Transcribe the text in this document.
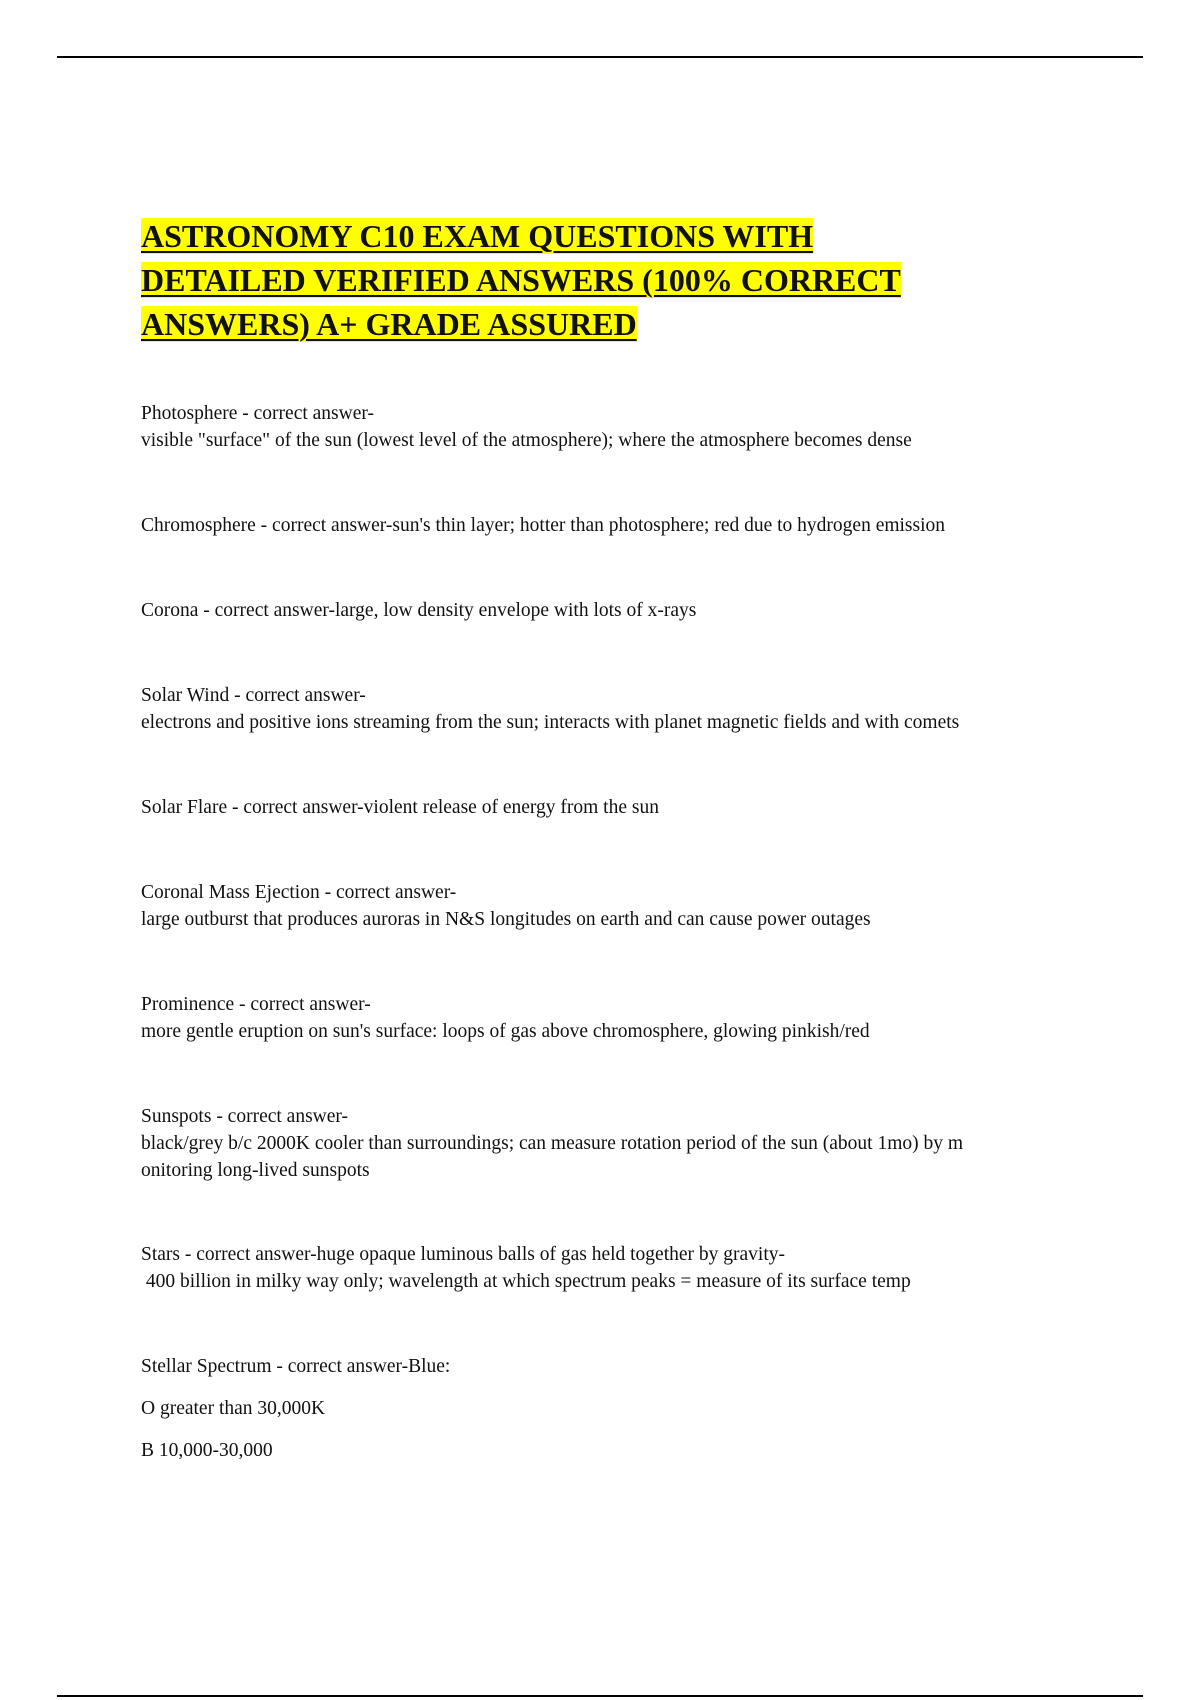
ASTRONOMY C10 EXAM QUESTIONS WITH
DETAILED VERIFIED ANSWERS (100% CORRECT
ANSWERS) A+ GRADE ASSURED
Photosphere - correct answer-
visible "surface" of the sun (lowest level of the atmosphere); where the atmosphere becomes dense
Chromosphere - correct answer-sun's thin layer; hotter than photosphere; red due to hydrogen emission
Corona - correct answer-large, low density envelope with lots of x-rays
Solar Wind - correct answer-
electrons and positive ions streaming from the sun; interacts with planet magnetic fields and with comets
Solar Flare - correct answer-violent release of energy from the sun
Coronal Mass Ejection - correct answer-
large outburst that produces auroras in N&S longitudes on earth and can cause power outages
Prominence - correct answer-
more gentle eruption on sun's surface: loops of gas above chromosphere, glowing pinkish/red
Sunspots - correct answer-
black/grey b/c 2000K cooler than surroundings; can measure rotation period of the sun (about 1mo) by m
onitoring long-lived sunspots
Stars - correct answer-huge opaque luminous balls of gas held together by gravity-
400 billion in milky way only; wavelength at which spectrum peaks = measure of its surface temp
Stellar Spectrum - correct answer-Blue:

O greater than 30,000K

B 10,000-30,000
